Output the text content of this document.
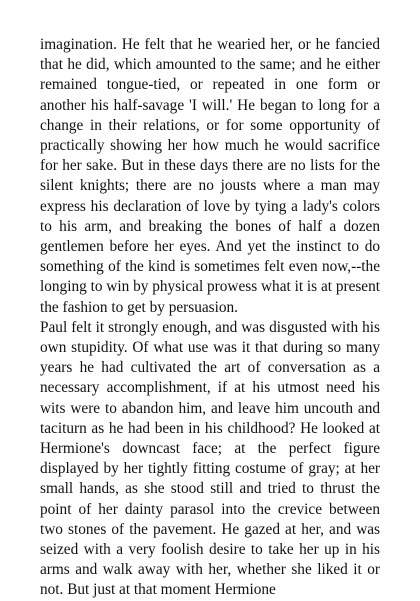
imagination. He felt that he wearied her, or he fancied that he did, which amounted to the same; and he either remained tongue-tied, or repeated in one form or another his half-savage 'I will.' He began to long for a change in their relations, or for some opportunity of practically showing her how much he would sacrifice for her sake. But in these days there are no lists for the silent knights; there are no jousts where a man may express his declaration of love by tying a lady's colors to his arm, and breaking the bones of half a dozen gentlemen before her eyes. And yet the instinct to do something of the kind is sometimes felt even now,--the longing to win by physical prowess what it is at present the fashion to get by persuasion.

Paul felt it strongly enough, and was disgusted with his own stupidity. Of what use was it that during so many years he had cultivated the art of conversation as a necessary accomplishment, if at his utmost need his wits were to abandon him, and leave him uncouth and taciturn as he had been in his childhood? He looked at Hermione's downcast face; at the perfect figure displayed by her tightly fitting costume of gray; at her small hands, as she stood still and tried to thrust the point of her dainty parasol into the crevice between two stones of the pavement. He gazed at her, and was seized with a very foolish desire to take her up in his arms and walk away with her, whether she liked it or not. But just at that moment Hermione
